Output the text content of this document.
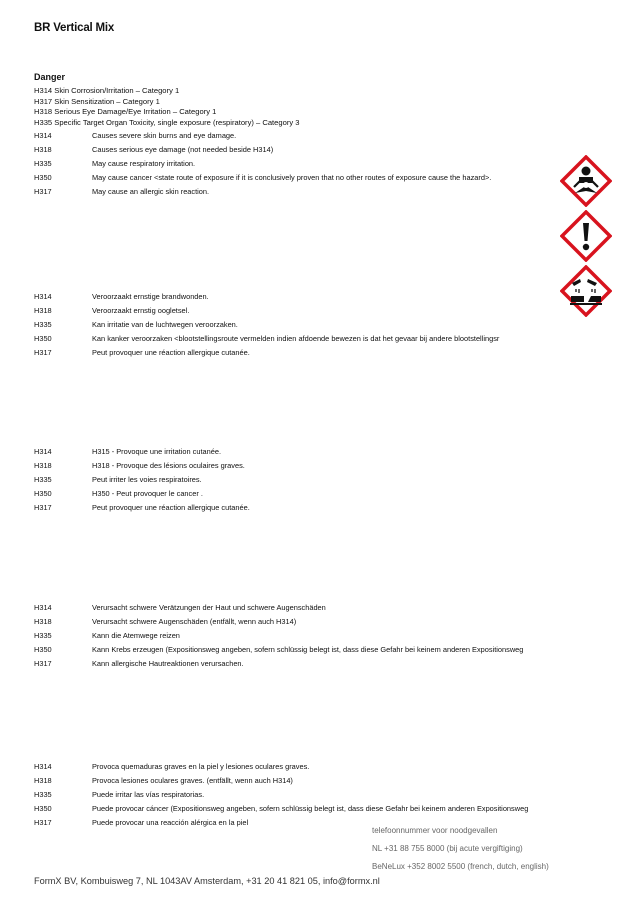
BR Vertical Mix
Danger
H314 Skin Corrosion/Irritation – Category 1
H317 Skin Sensitization – Category 1
H318 Serious Eye Damage/Eye Irritation – Category 1
H335 Specific Target Organ Toxicity, single exposure (respiratory) – Category 3
H314	Causes severe skin burns and eye damage.
H318	Causes serious eye damage (not needed beside H314)
H335	May cause respiratory irritation.
H350	May cause cancer <state route of exposure if it is conclusively proven that no other routes of exposure cause the hazard>.
H317	May cause an allergic skin reaction.
H314	Veroorzaakt ernstige brandwonden.
H318	Veroorzaakt ernstig oogletsel.
H335	Kan irritatie van de luchtwegen veroorzaken.
H350	Kan kanker veroorzaken <blootstellingsroute vermelden indien afdoende bewezen is dat het gevaar bij andere blootstellingsr
H317	Peut provoquer une réaction allergique cutanée.
H314	H315 - Provoque une irritation cutanée.
H318	H318 - Provoque des lésions oculaires graves.
H335	Peut irriter les voies respiratoires.
H350	H350 - Peut provoquer le cancer .
H317	Peut provoquer une réaction allergique cutanée.
H314	Verursacht schwere Verätzungen der Haut und schwere Augenschäden
H318	Verursacht schwere Augenschäden (entfällt, wenn auch H314)
H335	Kann die Atemwege reizen
H350	Kann Krebs erzeugen (Expositionsweg angeben, sofern schlüssig belegt ist, dass diese Gefahr bei keinem anderen Expositionsweg
H317	Kann allergische Hautreaktionen verursachen.
H314	Provoca quemaduras graves en la piel y lesiones oculares graves.
H318	Provoca lesiones oculares graves. (entfällt, wenn auch H314)
H335	Puede irritar las vías respiratorias.
H350	Puede provocar cáncer (Expositionsweg angeben, sofern schlüssig belegt ist, dass diese Gefahr bei keinem anderen Expositionsweg
H317	Puede provocar una reacción alérgica en la piel
telefoonnummer voor noodgevallen
NL +31 88 755 8000 (bij acute vergiftiging)
BeNeLux +352 8002 5500 (french, dutch, english)
FormX BV, Kombuisweg 7, NL 1043AV Amsterdam, +31 20 41 821 05, info@formx.nl
